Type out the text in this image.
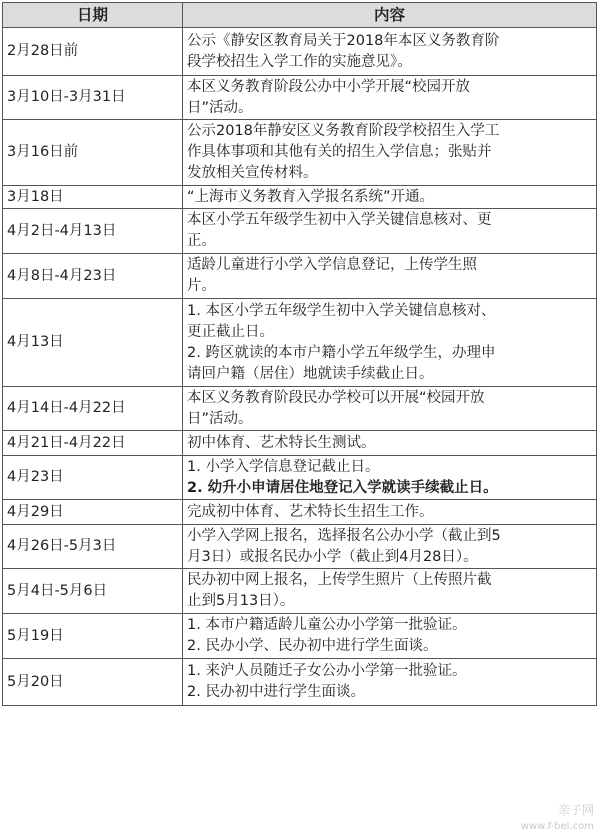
日期	内容
2月28日前	公示《静安区教育局关于2018年本区义务教育阶
段学校招生入学工作的实施意见》。

3月10日-3月31日	本区义务教育阶段公办中小学开展“校园开放
日”活动。

3月16日前	公示2018年静安区义务教育阶段学校招生入学工
作具体事项和其他有关的招生入学信息；张贴并
发放相关宣传材料。

3月18日	“上海市义务教育入学报名系统”开通。

4月2日-4月13日	本区小学五年级学生初中入学关键信息核对、更
正。

4月8日-4月23日	适龄儿童进行小学入学信息登记，上传学生照
片。

4月13日	1. 本区小学五年级学生初中入学关键信息核对、
更正截止日。
2. 跨区就读的本市户籍小学五年级学生，办理申
请回户籍（居住）地就读手续截止日。

4月14日-4月22日	本区义务教育阶段民办学校可以开展“校园开放
日”活动。

4月21日-4月22日	初中体育、艺术特长生测试。

4月23日	1. 小学入学信息登记截止日。
2. 幼升小申请居住地登记入学就读手续截止日。

4月29日	完成初中体育、艺术特长生招生工作。

4月26日-5月3日	小学入学网上报名，选择报名公办小学（截止到5
月3日）或报名民办小学（截止到4月28日）。

5月4日-5月6日	民办初中网上报名，上传学生照片（上传照片截
止到5月13日）。

5月19日	1. 本市户籍适龄儿童公办小学第一批验证。
2. 民办小学、民办初中进行学生面谈。

5月20日	1. 来沪人员随迁子女公办小学第一批验证。
2. 民办初中进行学生面谈。
亲子网
www.f-bel.com
